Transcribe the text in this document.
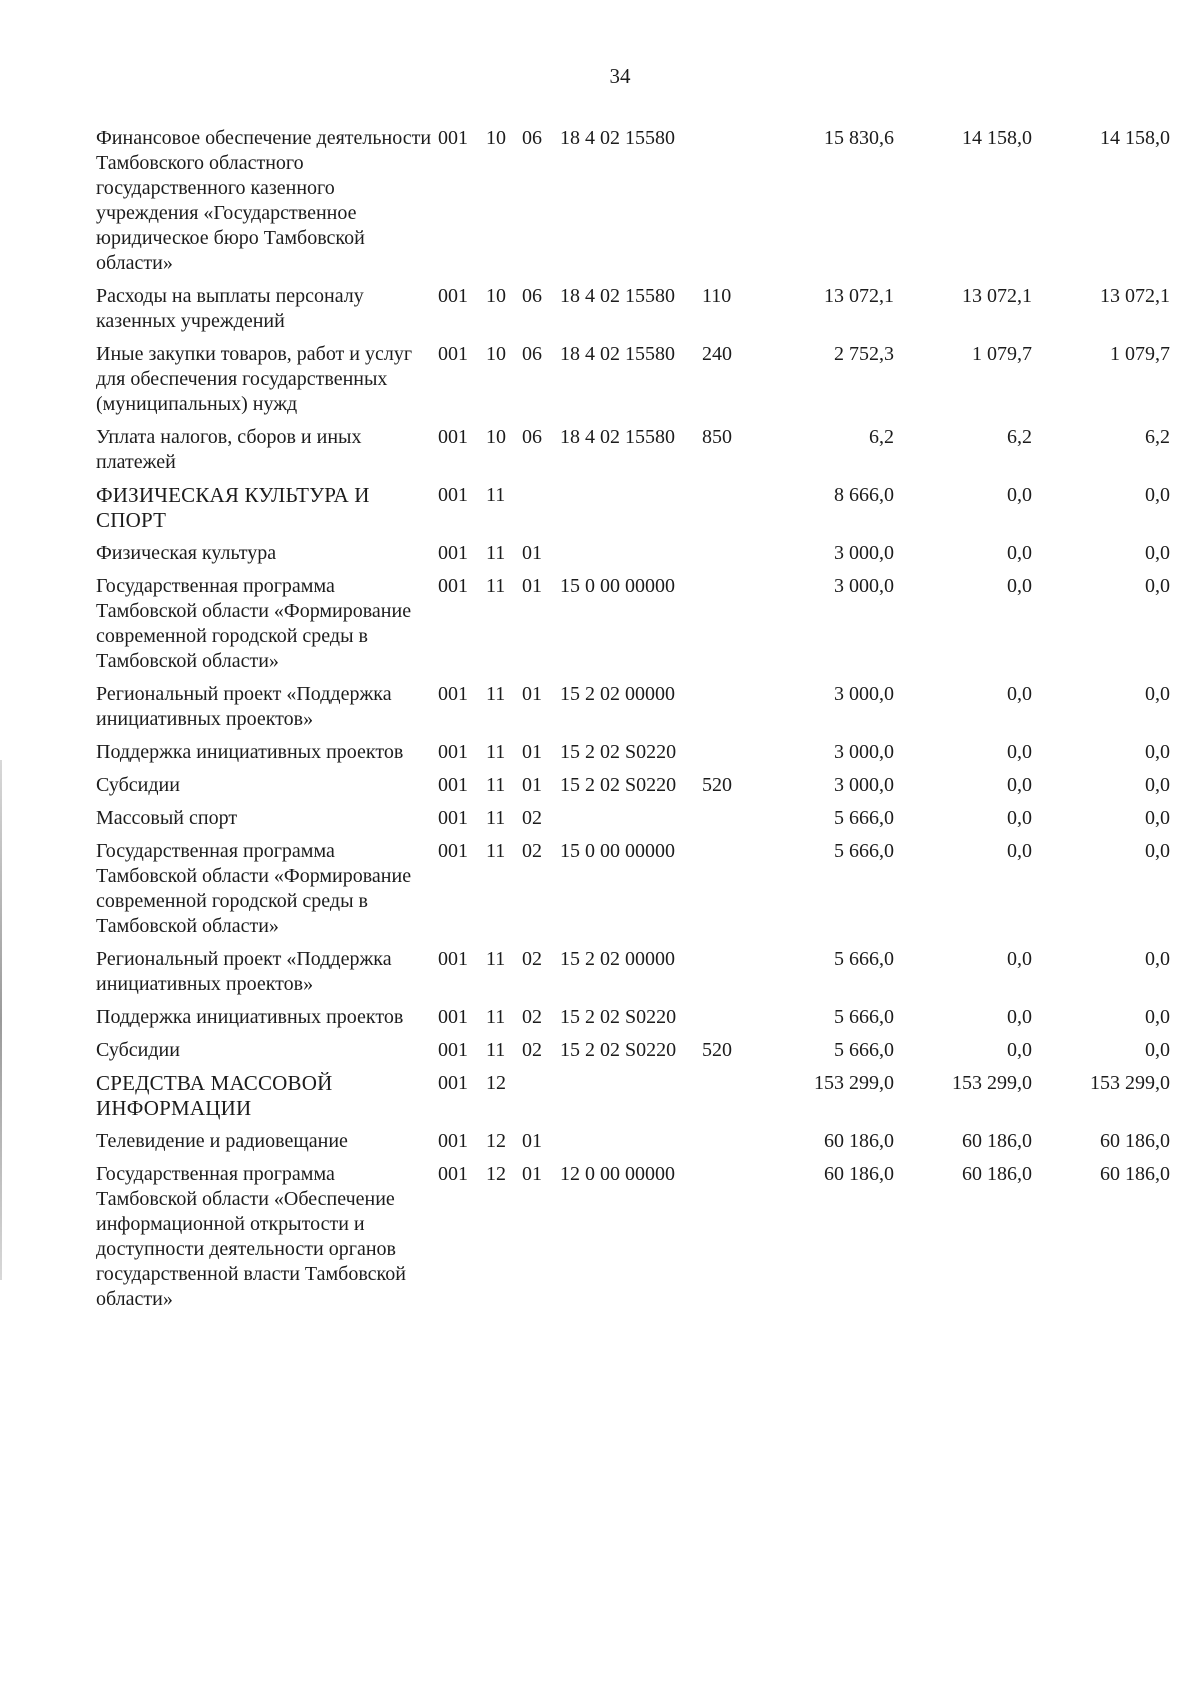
34
Финансовое обеспечение деятельности Тамбовского областного государственного казенного учреждения «Государственное юридическое бюро Тамбовской области»	001	10	06	18 4 02 15580		15 830,6	14 158,0	14 158,0
Расходы на выплаты персоналу казенных учреждений	001	10	06	18 4 02 15580	110	13 072,1	13 072,1	13 072,1
Иные закупки товаров, работ и услуг для обеспечения государственных (муниципальных) нужд	001	10	06	18 4 02 15580	240	2 752,3	1 079,7	1 079,7
Уплата налогов, сборов и иных платежей	001	10	06	18 4 02 15580	850	6,2	6,2	6,2
ФИЗИЧЕСКАЯ КУЛЬТУРА И СПОРТ	001	11				8 666,0	0,0	0,0
Физическая культура	001	11	01			3 000,0	0,0	0,0
Государственная программа Тамбовской области «Формирование современной городской среды в Тамбовской области»	001	11	01	15 0 00 00000		3 000,0	0,0	0,0
Региональный проект «Поддержка инициативных проектов»	001	11	01	15 2 02 00000		3 000,0	0,0	0,0
Поддержка инициативных проектов	001	11	01	15 2 02 S0220		3 000,0	0,0	0,0
Субсидии	001	11	01	15 2 02 S0220	520	3 000,0	0,0	0,0
Массовый спорт	001	11	02			5 666,0	0,0	0,0
Государственная программа Тамбовской области «Формирование современной городской среды в Тамбовской области»	001	11	02	15 0 00 00000		5 666,0	0,0	0,0
Региональный проект «Поддержка инициативных проектов»	001	11	02	15 2 02 00000		5 666,0	0,0	0,0
Поддержка инициативных проектов	001	11	02	15 2 02 S0220		5 666,0	0,0	0,0
Субсидии	001	11	02	15 2 02 S0220	520	5 666,0	0,0	0,0
СРЕДСТВА МАССОВОЙ ИНФОРМАЦИИ	001	12				153 299,0	153 299,0	153 299,0
Телевидение и радиовещание	001	12	01			60 186,0	60 186,0	60 186,0
Государственная программа Тамбовской области «Обеспечение информационной открытости и доступности деятельности органов государственной власти Тамбовской области»	001	12	01	12 0 00 00000		60 186,0	60 186,0	60 186,0
